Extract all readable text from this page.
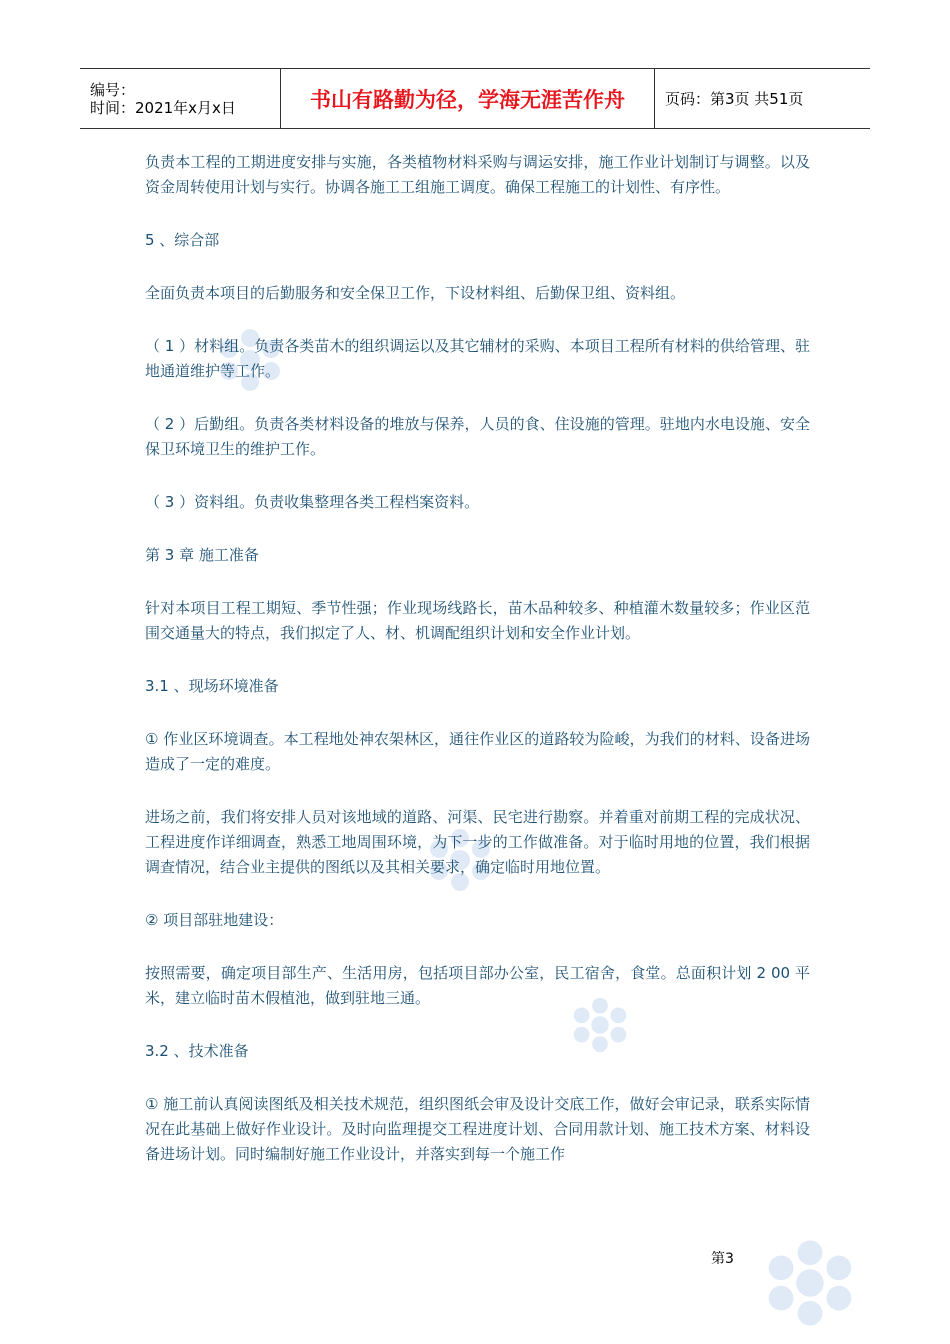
编号：
时间：2021年x月x日	书山有路勤为径，学海无涯苦作舟	页码：第3页 共51页

负责本工程的工期进度安排与实施，各类植物材料采购与调运安排，施工作业计划制订与调整。以及资金周转使用计划与实行。协调各施工工组施工调度。确保工程施工的计划性、有序性。

5 、综合部

全面负责本项目的后勤服务和安全保卫工作，下设材料组、后勤保卫组、资料组。

（ 1 ）材料组。负责各类苗木的组织调运以及其它辅材的采购、本项目工程所有材料的供给管理、驻地通道维护等工作。

（ 2 ）后勤组。负责各类材料设备的堆放与保养，人员的食、住设施的管理。驻地内水电设施、安全保卫环境卫生的维护工作。

（ 3 ）资料组。负责收集整理各类工程档案资料。

第 3 章 施工准备

针对本项目工程工期短、季节性强；作业现场线路长，苗木品种较多、种植灌木数量较多；作业区范围交通量大的特点，我们拟定了人、材、机调配组织计划和安全作业计划。

3.1 、现场环境准备

① 作业区环境调查。本工程地处神农架林区，通往作业区的道路较为险峻，为我们的材料、设备进场造成了一定的难度。

进场之前，我们将安排人员对该地域的道路、河渠、民宅进行勘察。并着重对前期工程的完成状况、工程进度作详细调查，熟悉工地周围环境，为下一步的工作做准备。对于临时用地的位置，我们根据调查情况，结合业主提供的图纸以及其相关要求，确定临时用地位置。

② 项目部驻地建设：

按照需要，确定项目部生产、生活用房，包括项目部办公室，民工宿舍，食堂。总面积计划 2 00 平米，建立临时苗木假植池，做到驻地三通。

3.2 、技术准备

① 施工前认真阅读图纸及相关技术规范，组织图纸会审及设计交底工作，做好会审记录，联系实际情况在此基础上做好作业设计。及时向监理提交工程进度计划、合同用款计划、施工技术方案、材料设备进场计划。同时编制好施工作业设计，并落实到每一个施工作

第3
